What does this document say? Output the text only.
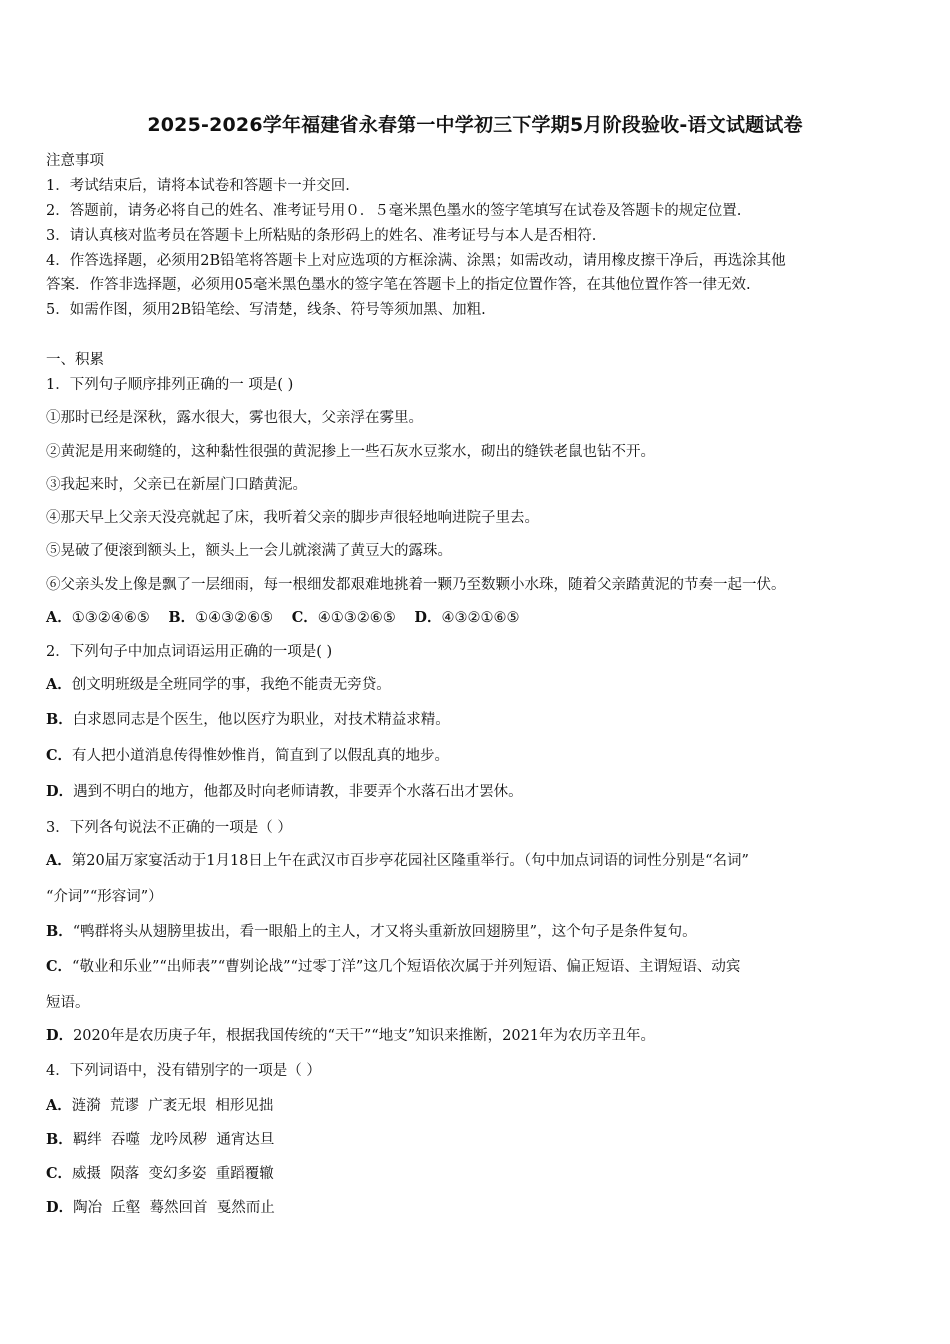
2025-2026学年福建省永春第一中学初三下学期5月阶段验收-语文试题试卷
注意事项
1．考试结束后，请将本试卷和答题卡一并交回.
2．答题前，请务必将自己的姓名、准考证号用０．５毫米黑色墨水的签字笔填写在试卷及答题卡的规定位置.
3．请认真核对监考员在答题卡上所粘贴的条形码上的姓名、准考证号与本人是否相符.
4．作答选择题，必须用2B铅笔将答题卡上对应选项的方框涂满、涂黑；如需改动，请用橡皮擦干净后，再选涂其他
答案．作答非选择题，必须用05毫米黑色墨水的签字笔在答题卡上的指定位置作答，在其他位置作答一律无效.
5．如需作图，须用2B铅笔绘、写清楚，线条、符号等须加黑、加粗.
一、积累
1．下列句子顺序排列正确的一 项是( )
①那时已经是深秋，露水很大，雾也很大，父亲浮在雾里。
②黄泥是用来砌缝的，这种黏性很强的黄泥掺上一些石灰水豆浆水，砌出的缝铁老鼠也钻不开。
③我起来时，父亲已在新屋门口踏黄泥。
④那天早上父亲天没亮就起了床，我听着父亲的脚步声很轻地响进院子里去。
⑤晃破了便滚到额头上，额头上一会儿就滚满了黄豆大的露珠。
⑥父亲头发上像是飘了一层细雨，每一根细发都艰难地挑着一颗乃至数颗小水珠，随着父亲踏黄泥的节奏一起一伏。
A．①③②④⑥⑤ B．①④③②⑥⑤ C．④①③②⑥⑤ D．④③②①⑥⑤
2．下列句子中加点词语运用正确的一项是( )
A．创文明班级是全班同学的事，我绝不能责无旁贷。
B．白求恩同志是个医生，他以医疗为职业，对技术精益求精。
C．有人把小道消息传得惟妙惟肖，简直到了以假乱真的地步。
D．遇到不明白的地方，他都及时向老师请教，非要弄个水落石出才罢休。
3．下列各句说法不正确的一项是（ ）
A．第20届万家宴活动于1月18日上午在武汉市百步亭花园社区隆重举行。（句中加点词语的词性分别是“名词”
“介词”“形容词”）
B．“鸭群将头从翅膀里拔出，看一眼船上的主人，才又将头重新放回翅膀里”，这个句子是条件复句。
C．“敬业和乐业”“出师表”“曹刿论战”“过零丁洋”这几个短语依次属于并列短语、偏正短语、主谓短语、动宾
短语。
D．2020年是农历庚子年，根据我国传统的“天干”“地支”知识来推断，2021年为农历辛丑年。
4．下列词语中，没有错别字的一项是（ ）
A．涟漪  荒谬  广袤无垠  相形见拙
B．羁绊  吞噬  龙吟凤秽  通宵达旦
C．威摄  陨落  变幻多姿  重蹈覆辙
D．陶冶  丘壑  蓦然回首  戛然而止
